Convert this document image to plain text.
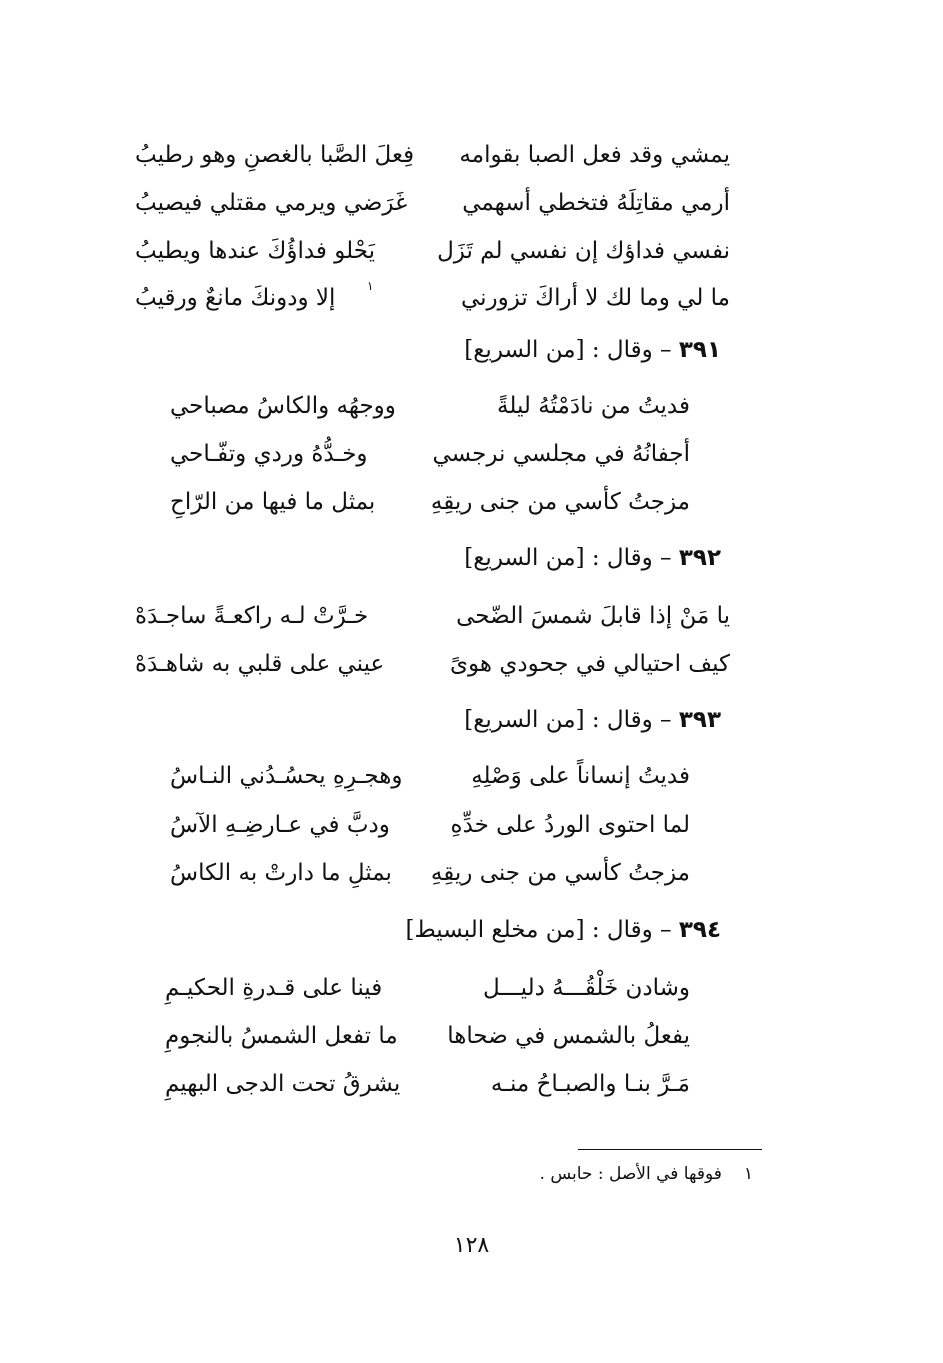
يمشي وقد فعل الصبا بقوامه
فِعلَ الصَّبا بالغصنِ وهو رطيبُ
أرمي مقاتِلَهُ فتخطي أسهمي
غَرَضي ويرمي مقتلي فيصيبُ
نفسي فداؤك إن نفسي لم تَزَل
يَحْلو فداؤُكَ عندها ويطيبُ
ما لي وما لك لا أراكَ تزورني
إلا ودونكَ مانعٌ ورقيبُ	١
٣٩١ – وقال : [من السريع]
فديتُ من نادَمْتُهُ ليلةً
ووجهُه والكاسُ مصباحي
أجفانُهُ في مجلسي نرجسي
وخـدُّهُ وردي وتفّـاحي
مزجتُ كأسي من جنى ريقِهِ
بمثل ما فيها من الرّاحِ
٣٩٢ – وقال : [من السريع]
يا مَنْ إذا قابلَ شمسَ الضّحى
خـرَّتْ لـه راكعـةً ساجـدَهْ
كيف احتيالي في جحودي هوىً
عيني على قلبي به شاهـدَهْ
٣٩٣ – وقال : [من السريع]
فديتُ إنساناً على وَصْلِهِ
وهجـرِهِ يحسُـدُني النـاسُ
لما احتوى الوردُ على خدِّهِ
ودبَّ في عـارضِـهِ الآسُ
مزجتُ كأسي من جنى ريقِهِ
بمثلِ ما دارتْ به الكاسُ
٣٩٤ – وقال : [من مخلع البسيط]
وشادن خَلْقُـــهُ دليـــل
فينا على قـدرةِ الحكيـمِ
يفعلُ بالشمس في ضحاها
ما تفعل الشمسُ بالنجومِ
مَـرَّ بنـا والصبـاحُ منـه
يشرقُ تحت الدجى البهيمِ
١فوقها في الأصل : حابس .
١٢٨
